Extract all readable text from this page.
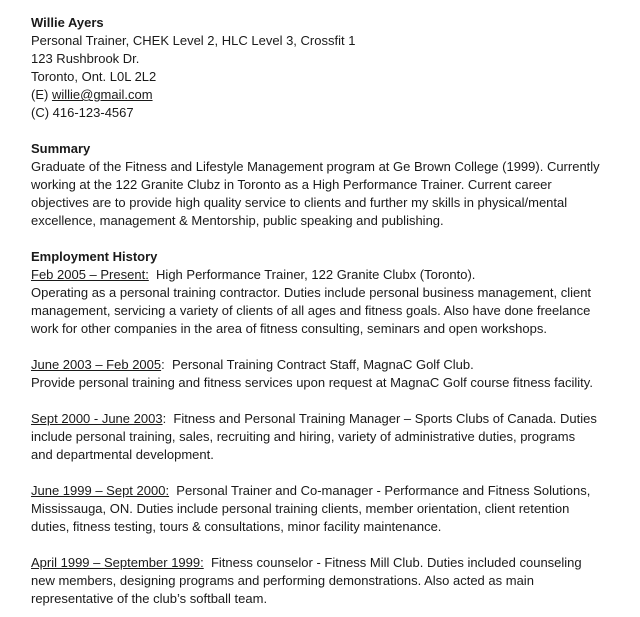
Willie Ayers
Personal Trainer, CHEK Level 2, HLC Level 3, Crossfit 1
123 Rushbrook Dr.
Toronto, Ont. L0L 2L2
(E) willie@gmail.com
(C) 416-123-4567
Summary
Graduate of the Fitness and Lifestyle Management program at Ge Brown College (1999). Currently
working at the 122 Granite Clubz in Toronto as a High Performance Trainer. Current career
objectives are to provide high quality service to clients and further my skills in physical/mental
excellence, management & Mentorship, public speaking and publishing.
Employment History
Feb 2005 – Present: High Performance Trainer, 122 Granite Clubx (Toronto).
Operating as a personal training contractor. Duties include personal business management, client
management, servicing a variety of clients of all ages and fitness goals. Also have done freelance
work for other companies in the area of fitness consulting, seminars and open workshops.
June 2003 – Feb 2005:  Personal Training Contract Staff, MagnaC Golf Club.
Provide personal training and fitness services upon request at MagnaC Golf course fitness facility.
Sept 2000 - June 2003:  Fitness and Personal Training Manager – Sports Clubs of Canada. Duties
include personal training, sales, recruiting and hiring, variety of administrative duties, programs
and departmental development.
June 1999 – Sept 2000: Personal Trainer and Co-manager - Performance and Fitness Solutions,
Mississauga, ON. Duties include personal training clients, member orientation, client retention
duties, fitness testing, tours & consultations, minor facility maintenance.
April 1999 – September 1999: Fitness counselor - Fitness Mill Club. Duties included counseling
new members, designing programs and performing demonstrations. Also acted as main
representative of the club’s softball team.
